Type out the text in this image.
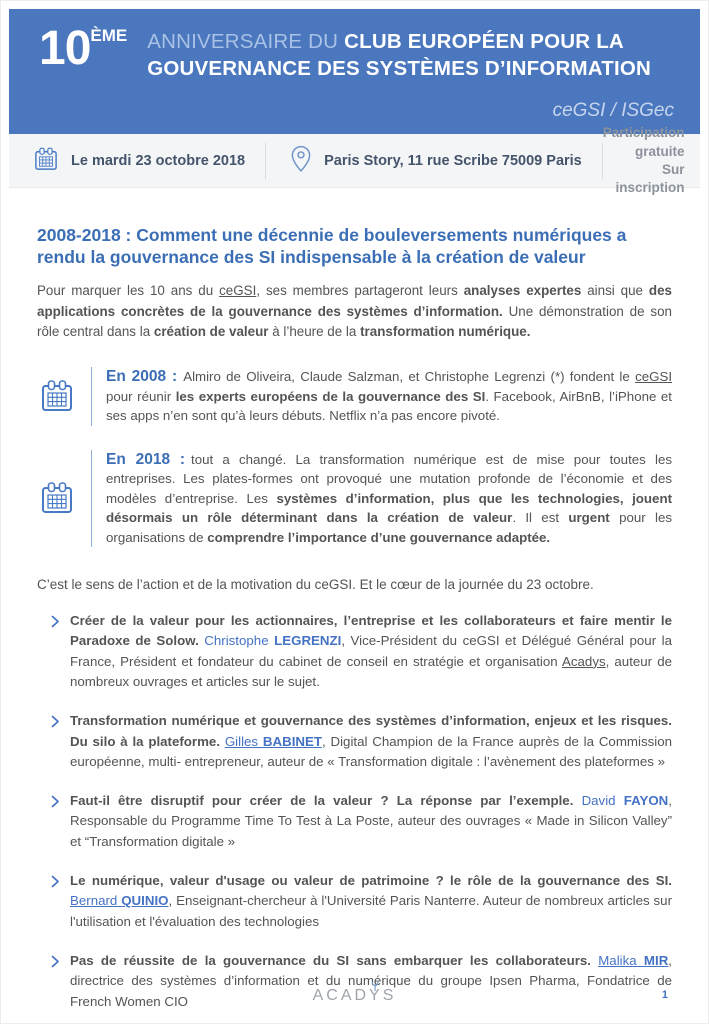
10ÈME ANNIVERSAIRE DU CLUB EUROPÉEN POUR LA
GOUVERNANCE DES SYSTÈMES D’INFORMATION
ceGSI / ISGec
Le mardi 23 octobre 2018	Paris Story, 11 rue Scribe 75009 Paris
Participation gratuite
Sur inscription
2008-2018 : Comment une décennie de bouleversements numériques a rendu la gouvernance des SI indispensable à la création de valeur

Pour marquer les 10 ans du ceGSI, ses membres partageront leurs analyses expertes ainsi que des applications concrètes de la gouvernance des systèmes d’information. Une démonstration de son rôle central dans la création de valeur à l’heure de la transformation numérique.

En 2008 : Almiro de Oliveira, Claude Salzman, et Christophe Legrenzi (*) fondent le ceGSI pour réunir les experts européens de la gouvernance des SI. Facebook, AirBnB, l’iPhone et ses apps n’en sont qu’à leurs débuts. Netflix n’a pas encore pivoté.

En 2018 : tout a changé. La transformation numérique est de mise pour toutes les entreprises. Les plates-formes ont provoqué une mutation profonde de l’économie et des modèles d’entreprise. Les systèmes d’information, plus que les technologies, jouent désormais un rôle déterminant dans la création de valeur. Il est urgent pour les organisations de comprendre l’importance d’une gouvernance adaptée.

C’est le sens de l’action et de la motivation du ceGSI. Et le cœur de la journée du 23 octobre.

Créer de la valeur pour les actionnaires, l’entreprise et les collaborateurs et faire mentir le Paradoxe de Solow. Christophe LEGRENZI, Vice-Président du ceGSI et Délégué Général pour la France, Président et fondateur du cabinet de conseil en stratégie et organisation Acadys, auteur de nombreux ouvrages et articles sur le sujet.

Transformation numérique et gouvernance des systèmes d’information, enjeux et les risques. Du silo à la plateforme. Gilles BABINET, Digital Champion de la France auprès de la Commission européenne, multi- entrepreneur, auteur de « Transformation digitale : l’avènement des plateformes »

Faut-il être disruptif pour créer de la valeur ? La réponse par l’exemple. David FAYON, Responsable du Programme Time To Test à La Poste, auteur des ouvrages « Made in Silicon Valley” et “Transformation digitale »

Le numérique, valeur d'usage ou valeur de patrimoine ? le rôle de la gouvernance des SI. Bernard QUINIO, Enseignant-chercheur à l'Université Paris Nanterre. Auteur de nombreux articles sur l'utilisation et l'évaluation des technologies

Pas de réussite de la gouvernance du SI sans embarquer les collaborateurs. Malika MIR, directrice des systèmes d’information et du numérique du groupe Ipsen Pharma, Fondatrice de French Women CIO	ACAD Y S	1
